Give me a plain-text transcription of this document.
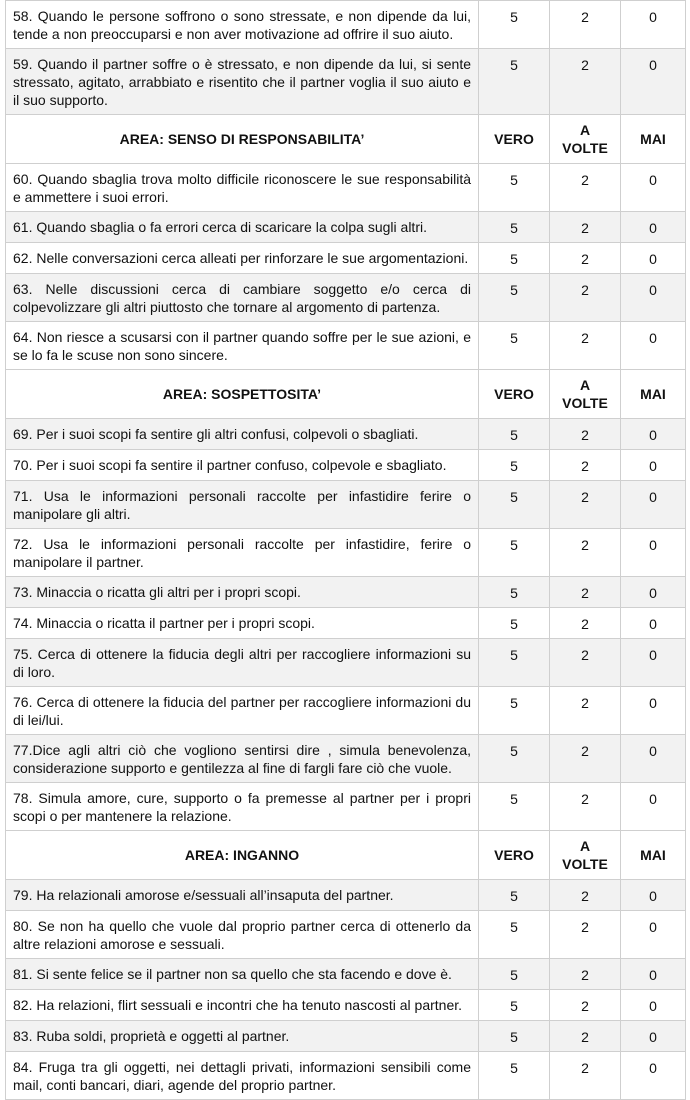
58. Quando le persone soffrono o sono stressate, e non dipende da lui, tende a non preoccuparsi e non aver motivazione ad offrire il suo aiuto.	5	2	0
59. Quando il partner soffre o è stressato, e non dipende da lui, si sente stressato, agitato, arrabbiato e risentito che il partner voglia il suo aiuto e il suo supporto.	5	2	0
AREA: SENSO DI RESPONSABILITA’	VERO	A VOLTE	MAI
60. Quando sbaglia trova molto difficile riconoscere le sue responsabilità e ammettere i suoi errori.	5	2	0
61. Quando sbaglia o fa errori cerca di scaricare la colpa sugli altri.	5	2	0
62. Nelle conversazioni cerca alleati per rinforzare le sue argomentazioni.	5	2	0
63. Nelle discussioni cerca di cambiare soggetto e/o cerca di colpevolizzare gli altri piuttosto che tornare al argomento di partenza.	5	2	0
64. Non riesce a scusarsi con il partner quando soffre per le sue azioni, e se lo fa le scuse non sono sincere.	5	2	0
AREA: SOSPETTOSITA’	VERO	A VOLTE	MAI
69. Per i suoi scopi fa sentire gli altri confusi, colpevoli o sbagliati.	5	2	0
70. Per i suoi scopi fa sentire il partner confuso, colpevole e sbagliato.	5	2	0
71. Usa le informazioni personali raccolte per infastidire ferire o manipolare gli altri.	5	2	0
72. Usa le informazioni personali raccolte per infastidire, ferire o manipolare il partner.	5	2	0
73. Minaccia o ricatta gli altri per i propri scopi.	5	2	0
74. Minaccia o ricatta il partner per i propri scopi.	5	2	0
75. Cerca di ottenere la fiducia degli altri per raccogliere informazioni su di loro.	5	2	0
76. Cerca di ottenere la fiducia del partner per raccogliere informazioni du di lei/lui.	5	2	0
77.Dice agli altri ciò che vogliono sentirsi dire , simula benevolenza, considerazione supporto e gentilezza al fine di fargli fare ciò che vuole.	5	2	0
78. Simula amore, cure, supporto o fa premesse al partner per i propri scopi o per mantenere la relazione.	5	2	0
AREA: INGANNO	VERO	A VOLTE	MAI
79. Ha relazionali amorose e/sessuali all’insaputa del partner.	5	2	0
80. Se non ha quello che vuole dal proprio partner cerca di ottenerlo da altre relazioni amorose e sessuali.	5	2	0
81. Si sente felice se il partner non sa quello che sta facendo e dove è.	5	2	0
82. Ha relazioni, flirt sessuali e incontri che ha tenuto nascosti al partner.	5	2	0
83. Ruba soldi, proprietà e oggetti al partner.	5	2	0
84. Fruga tra gli oggetti, nei dettagli privati, informazioni sensibili come mail, conti bancari, diari, agende del proprio partner.	5	2	0
